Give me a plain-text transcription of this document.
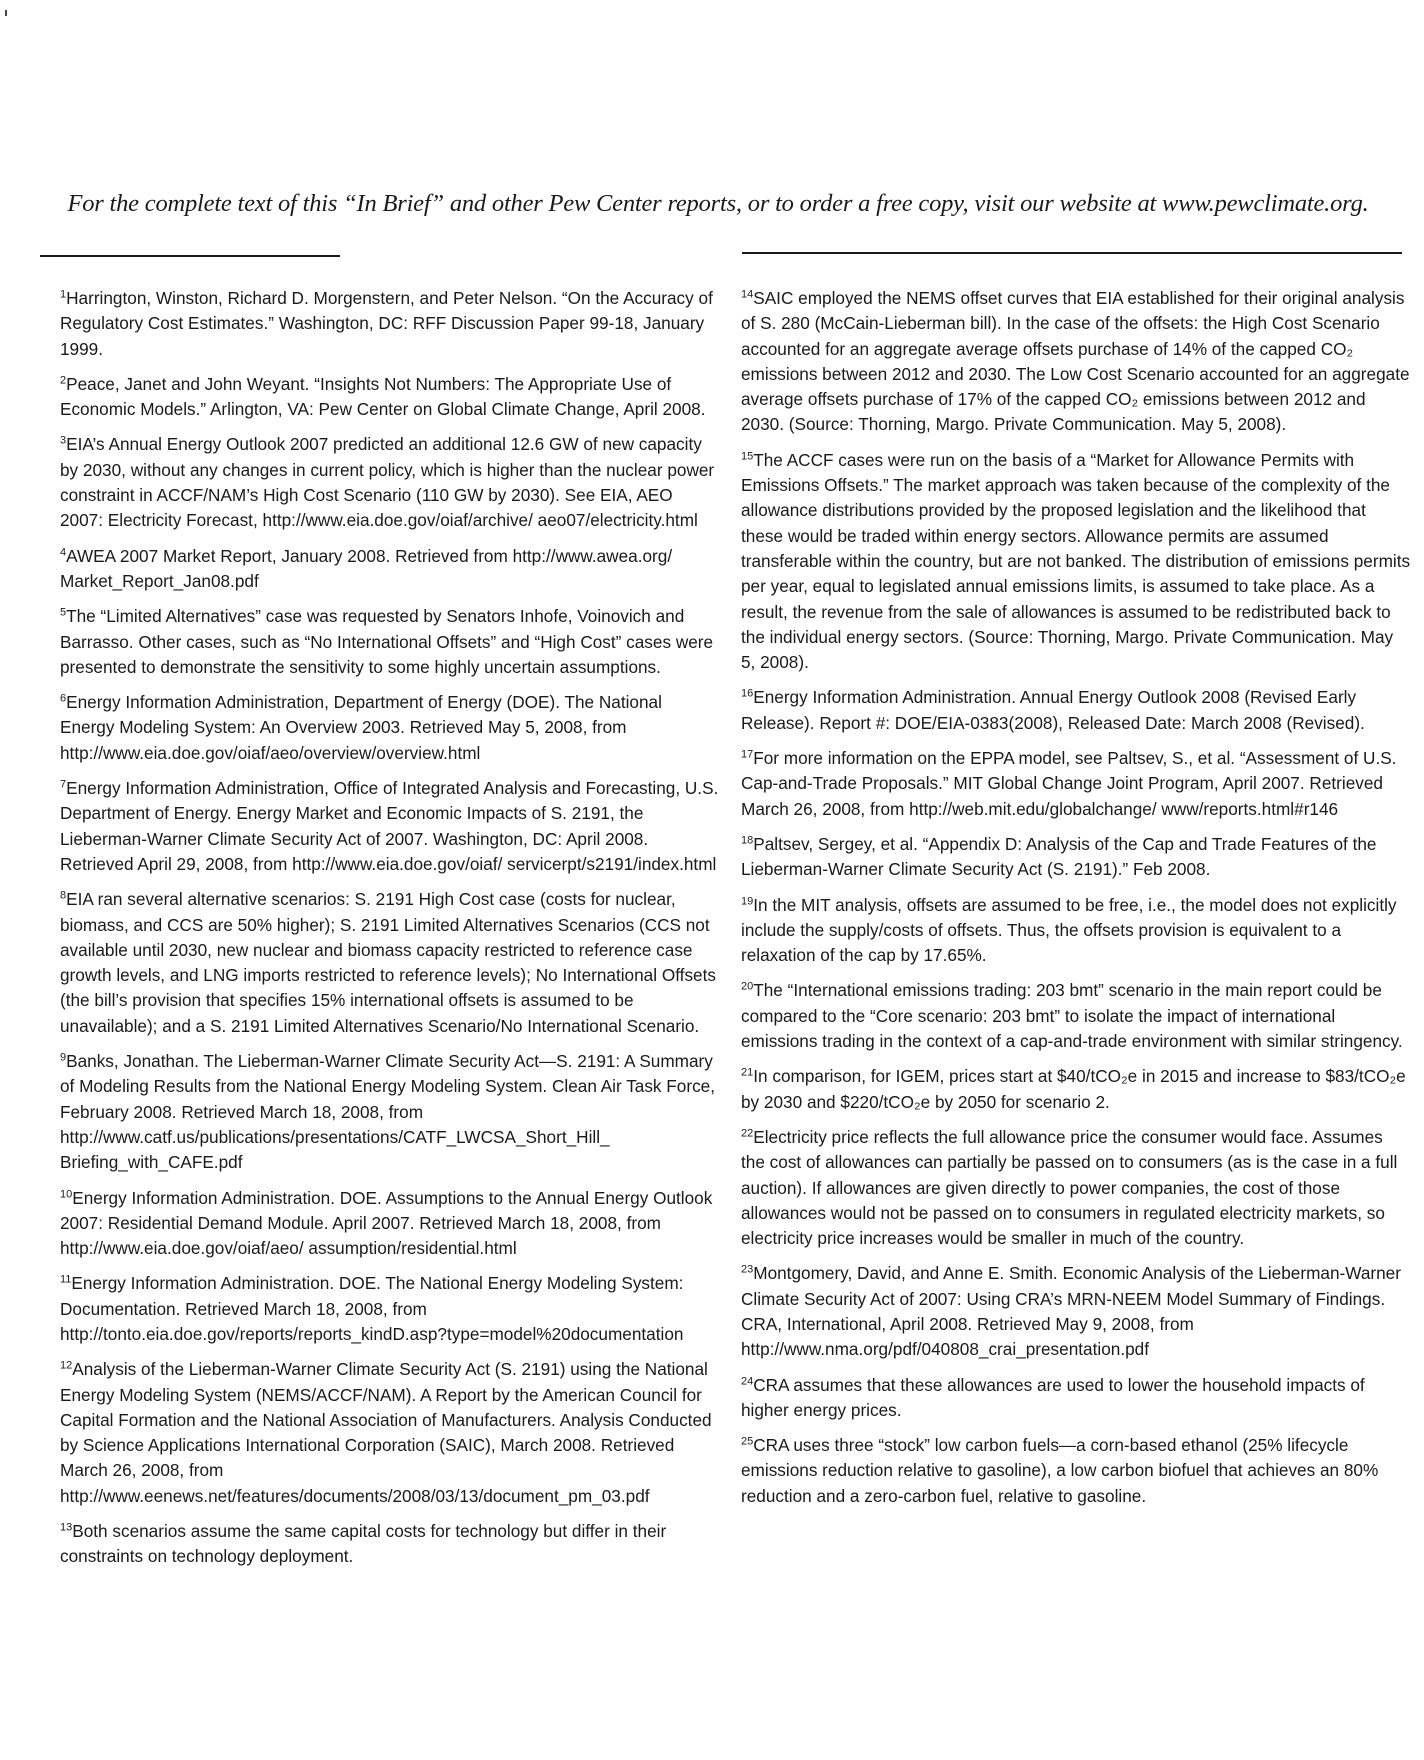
For the complete text of this “In Brief” and other Pew Center reports, or to order a free copy, visit our website at www.pewclimate.org.

$^1$Harrington, Winston, Richard D. Morgenstern, and Peter Nelson. “On the Accuracy of Regulatory Cost Estimates.” Washington, DC: RFF Discussion Paper 99-18, January 1999.

$^2$Peace, Janet and John Weyant. “Insights Not Numbers: The Appropriate Use of Economic Models.” Arlington, VA: Pew Center on Global Climate Change, April 2008.

$^3$EIA’s Annual Energy Outlook 2007 predicted an additional 12.6 GW of new capacity by 2030, without any changes in current policy, which is higher than the nuclear power constraint in ACCF/NAM’s High Cost Scenario (110 GW by 2030). See EIA, AEO 2007: Electricity Forecast, http://www.eia.doe.gov/oiaf/archive/ aeo07/electricity.html

$^4$AWEA 2007 Market Report, January 2008. Retrieved from http://www.awea.org/ Market_Report_Jan08.pdf

$^5$The “Limited Alternatives” case was requested by Senators Inhofe, Voinovich and Barrasso. Other cases, such as “No International Offsets” and “High Cost” cases were presented to demonstrate the sensitivity to some highly uncertain assumptions.

$^6$Energy Information Administration, Department of Energy (DOE). The National Energy Modeling System: An Overview 2003. Retrieved May 5, 2008, from http://www.eia.doe.gov/oiaf/aeo/overview/overview.html

$^7$Energy Information Administration, Office of Integrated Analysis and Forecasting, U.S. Department of Energy. Energy Market and Economic Impacts of S. 2191, the Lieberman-Warner Climate Security Act of 2007. Washington, DC: April 2008. Retrieved April 29, 2008, from http://www.eia.doe.gov/oiaf/ servicerpt/s2191/index.html

$^8$EIA ran several alternative scenarios: S. 2191 High Cost case (costs for nuclear, biomass, and CCS are 50% higher); S. 2191 Limited Alternatives Scenarios (CCS not available until 2030, new nuclear and biomass capacity restricted to reference case growth levels, and LNG imports restricted to reference levels); No International Offsets (the bill’s provision that specifies 15% international offsets is assumed to be unavailable); and a S. 2191 Limited Alternatives Scenario/No International Scenario.

$^9$Banks, Jonathan. The Lieberman-Warner Climate Security Act—S. 2191: A Summary of Modeling Results from the National Energy Modeling System. Clean Air Task Force, February 2008. Retrieved March 18, 2008, from http://www.catf.us/publications/presentations/CATF_LWCSA_Short_Hill_ Briefing_with_CAFE.pdf

$^{10}$Energy Information Administration. DOE. Assumptions to the Annual Energy Outlook 2007: Residential Demand Module. April 2007. Retrieved March 18, 2008, from http://www.eia.doe.gov/oiaf/aeo/ assumption/residential.html

$^{11}$Energy Information Administration. DOE. The National Energy Modeling System: Documentation. Retrieved March 18, 2008, from http://tonto.eia.doe.gov/reports/reports_kindD.asp?type=model%20documentation

$^{12}$Analysis of the Lieberman-Warner Climate Security Act (S. 2191) using the National Energy Modeling System (NEMS/ACCF/NAM). A Report by the American Council for Capital Formation and the National Association of Manufacturers. Analysis Conducted by Science Applications International Corporation (SAIC), March 2008. Retrieved March 26, 2008, from http://www.eenews.net/features/documents/2008/03/13/document_pm_03.pdf

$^{13}$Both scenarios assume the same capital costs for technology but differ in their constraints on technology deployment.

$^{14}$SAIC employed the NEMS offset curves that EIA established for their original analysis of S. 280 (McCain-Lieberman bill). In the case of the offsets: the High Cost Scenario accounted for an aggregate average offsets purchase of 14% of the capped CO₂ emissions between 2012 and 2030. The Low Cost Scenario accounted for an aggregate average offsets purchase of 17% of the capped CO₂ emissions between 2012 and 2030. (Source: Thorning, Margo. Private Communication. May 5, 2008).

$^{15}$The ACCF cases were run on the basis of a “Market for Allowance Permits with Emissions Offsets.” The market approach was taken because of the complexity of the allowance distributions provided by the proposed legislation and the likelihood that these would be traded within energy sectors. Allowance permits are assumed transferable within the country, but are not banked. The distribution of emissions permits per year, equal to legislated annual emissions limits, is assumed to take place. As a result, the revenue from the sale of allowances is assumed to be redistributed back to the individual energy sectors. (Source: Thorning, Margo. Private Communication. May 5, 2008).

$^{16}$Energy Information Administration. Annual Energy Outlook 2008 (Revised Early Release). Report #: DOE/EIA-0383(2008), Released Date: March 2008 (Revised).

$^{17}$For more information on the EPPA model, see Paltsev, S., et al. “Assessment of U.S. Cap-and-Trade Proposals.” MIT Global Change Joint Program, April 2007. Retrieved March 26, 2008, from http://web.mit.edu/globalchange/ www/reports.html#r146

$^{18}$Paltsev, Sergey, et al. “Appendix D: Analysis of the Cap and Trade Features of the Lieberman-Warner Climate Security Act (S. 2191).” Feb 2008.

$^{19}$In the MIT analysis, offsets are assumed to be free, i.e., the model does not explicitly include the supply/costs of offsets. Thus, the offsets provision is equivalent to a relaxation of the cap by 17.65%.

$^{20}$The “International emissions trading: 203 bmt” scenario in the main report could be compared to the “Core scenario: 203 bmt” to isolate the impact of international emissions trading in the context of a cap-and-trade environment with similar stringency.

$^{21}$In comparison, for IGEM, prices start at $40/tCO₂e in 2015 and increase to $83/tCO₂e by 2030 and $220/tCO₂e by 2050 for scenario 2.

$^{22}$Electricity price reflects the full allowance price the consumer would face. Assumes the cost of allowances can partially be passed on to consumers (as is the case in a full auction). If allowances are given directly to power companies, the cost of those allowances would not be passed on to consumers in regulated electricity markets, so electricity price increases would be smaller in much of the country.

$^{23}$Montgomery, David, and Anne E. Smith. Economic Analysis of the Lieberman-Warner Climate Security Act of 2007: Using CRA’s MRN-NEEM Model Summary of Findings. CRA, International, April 2008. Retrieved May 9, 2008, from http://www.nma.org/pdf/040808_crai_presentation.pdf

$^{24}$CRA assumes that these allowances are used to lower the household impacts of higher energy prices.

$^{25}$CRA uses three “stock” low carbon fuels—a corn-based ethanol (25% lifecycle emissions reduction relative to gasoline), a low carbon biofuel that achieves an 80% reduction and a zero-carbon fuel, relative to gasoline.
